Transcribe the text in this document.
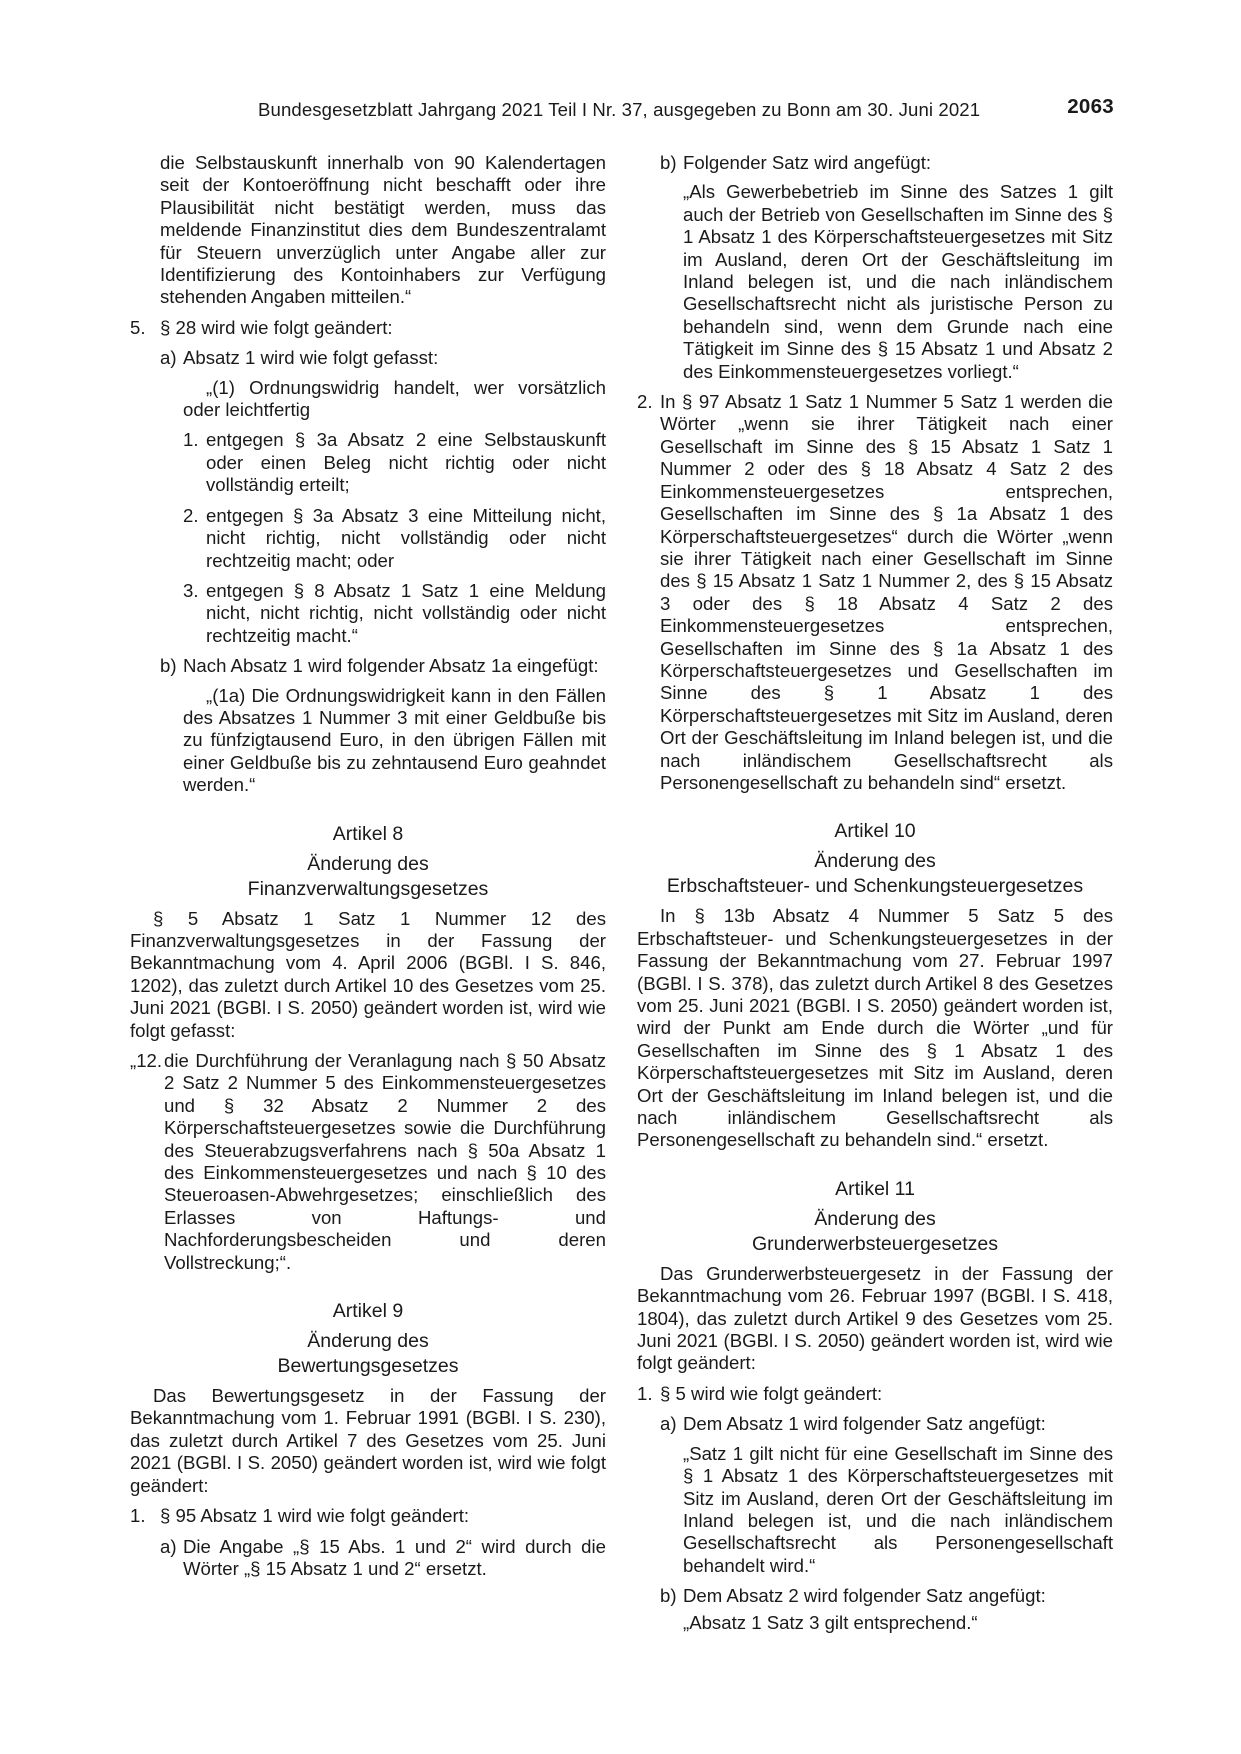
Bundesgesetzblatt Jahrgang 2021 Teil I Nr. 37, ausgegeben zu Bonn am 30. Juni 2021	2063

die Selbstauskunft innerhalb von 90 Kalendertagen seit der Kontoeröffnung nicht beschafft oder ihre Plausibilität nicht bestätigt werden, muss das meldende Finanzinstitut dies dem Bundeszentralamt für Steuern unverzüglich unter Angabe aller zur Identifizierung des Kontoinhabers zur Verfügung stehenden Angaben mitteilen.“

5. § 28 wird wie folgt geändert:
a) Absatz 1 wird wie folgt gefasst:

„(1) Ordnungswidrig handelt, wer vorsätzlich oder leichtfertig

1. entgegen § 3a Absatz 2 eine Selbstauskunft oder einen Beleg nicht richtig oder nicht vollständig erteilt;
2. entgegen § 3a Absatz 3 eine Mitteilung nicht, nicht richtig, nicht vollständig oder nicht rechtzeitig macht; oder
3. entgegen § 8 Absatz 1 Satz 1 eine Meldung nicht, nicht richtig, nicht vollständig oder nicht rechtzeitig macht.“
b) Nach Absatz 1 wird folgender Absatz 1a eingefügt:

„(1a) Die Ordnungswidrigkeit kann in den Fällen des Absatzes 1 Nummer 3 mit einer Geldbuße bis zu fünfzigtausend Euro, in den übrigen Fällen mit einer Geldbuße bis zu zehntausend Euro geahndet werden.“

Artikel 8

Änderung des
Finanzverwaltungsgesetzes

§ 5 Absatz 1 Satz 1 Nummer 12 des Finanzverwaltungsgesetzes in der Fassung der Bekanntmachung vom 4. April 2006 (BGBl. I S. 846, 1202), das zuletzt durch Artikel 10 des Gesetzes vom 25. Juni 2021 (BGBl. I S. 2050) geändert worden ist, wird wie folgt gefasst:

„12. die Durchführung der Veranlagung nach § 50 Absatz 2 Satz 2 Nummer 5 des Einkommensteuergesetzes und § 32 Absatz 2 Nummer 2 des Körperschaftsteuergesetzes sowie die Durchführung des Steuerabzugsverfahrens nach § 50a Absatz 1 des Einkommensteuergesetzes und nach § 10 des Steueroasen-Abwehrgesetzes; einschließlich des Erlasses von Haftungs- und Nachforderungsbescheiden und deren Vollstreckung;“.

Artikel 9

Änderung des
Bewertungsgesetzes

Das Bewertungsgesetz in der Fassung der Bekanntmachung vom 1. Februar 1991 (BGBl. I S. 230), das zuletzt durch Artikel 7 des Gesetzes vom 25. Juni 2021 (BGBl. I S. 2050) geändert worden ist, wird wie folgt geändert:

1. § 95 Absatz 1 wird wie folgt geändert:
a) Die Angabe „§ 15 Abs. 1 und 2“ wird durch die Wörter „§ 15 Absatz 1 und 2“ ersetzt.
b) Folgender Satz wird angefügt:

„Als Gewerbebetrieb im Sinne des Satzes 1 gilt auch der Betrieb von Gesellschaften im Sinne des § 1 Absatz 1 des Körperschaftsteuergesetzes mit Sitz im Ausland, deren Ort der Geschäftsleitung im Inland belegen ist, und die nach inländischem Gesellschaftsrecht nicht als juristische Person zu behandeln sind, wenn dem Grunde nach eine Tätigkeit im Sinne des § 15 Absatz 1 und Absatz 2 des Einkommensteuergesetzes vorliegt.“

2. In § 97 Absatz 1 Satz 1 Nummer 5 Satz 1 werden die Wörter „wenn sie ihrer Tätigkeit nach einer Gesellschaft im Sinne des § 15 Absatz 1 Satz 1 Nummer 2 oder des § 18 Absatz 4 Satz 2 des Einkommensteuergesetzes entsprechen, Gesellschaften im Sinne des § 1a Absatz 1 des Körperschaftsteuergesetzes“ durch die Wörter „wenn sie ihrer Tätigkeit nach einer Gesellschaft im Sinne des § 15 Absatz 1 Satz 1 Nummer 2, des § 15 Absatz 3 oder des § 18 Absatz 4 Satz 2 des Einkommensteuergesetzes entsprechen, Gesellschaften im Sinne des § 1a Absatz 1 des Körperschaftsteuergesetzes und Gesellschaften im Sinne des § 1 Absatz 1 des Körperschaftsteuergesetzes mit Sitz im Ausland, deren Ort der Geschäftsleitung im Inland belegen ist, und die nach inländischem Gesellschaftsrecht als Personengesellschaft zu behandeln sind“ ersetzt.

Artikel 10

Änderung des
Erbschaftsteuer- und Schenkungsteuergesetzes

In § 13b Absatz 4 Nummer 5 Satz 5 des Erbschaftsteuer- und Schenkungsteuergesetzes in der Fassung der Bekanntmachung vom 27. Februar 1997 (BGBl. I S. 378), das zuletzt durch Artikel 8 des Gesetzes vom 25. Juni 2021 (BGBl. I S. 2050) geändert worden ist, wird der Punkt am Ende durch die Wörter „und für Gesellschaften im Sinne des § 1 Absatz 1 des Körperschaftsteuergesetzes mit Sitz im Ausland, deren Ort der Geschäftsleitung im Inland belegen ist, und die nach inländischem Gesellschaftsrecht als Personengesellschaft zu behandeln sind.“ ersetzt.

Artikel 11

Änderung des
Grunderwerbsteuergesetzes

Das Grunderwerbsteuergesetz in der Fassung der Bekanntmachung vom 26. Februar 1997 (BGBl. I S. 418, 1804), das zuletzt durch Artikel 9 des Gesetzes vom 25. Juni 2021 (BGBl. I S. 2050) geändert worden ist, wird wie folgt geändert:

1. § 5 wird wie folgt geändert:
a) Dem Absatz 1 wird folgender Satz angefügt:

„Satz 1 gilt nicht für eine Gesellschaft im Sinne des § 1 Absatz 1 des Körperschaftsteuergesetzes mit Sitz im Ausland, deren Ort der Geschäftsleitung im Inland belegen ist, und die nach inländischem Gesellschaftsrecht als Personengesellschaft behandelt wird.“

b) Dem Absatz 2 wird folgender Satz angefügt:

„Absatz 1 Satz 3 gilt entsprechend.“
